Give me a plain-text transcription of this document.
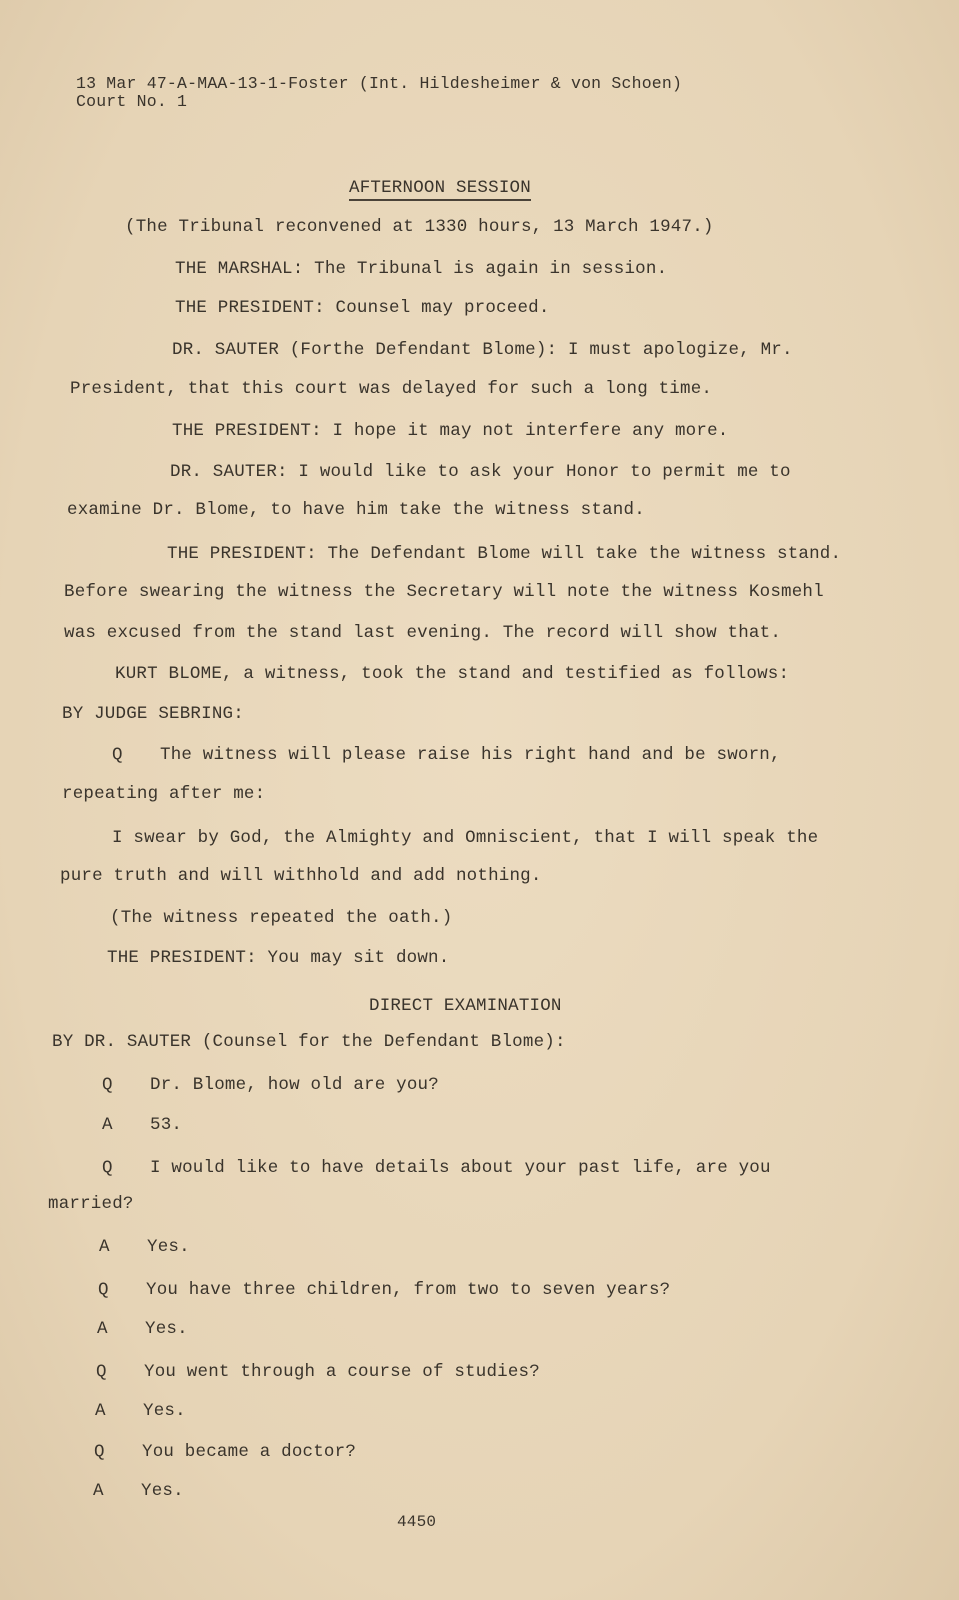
13 Mar 47-A-MAA-13-1-Foster (Int. Hildesheimer & von Schoen)
Court No. 1
AFTERNOON SESSION
(The Tribunal reconvened at 1330 hours, 13 March 1947.)
THE MARSHAL: The Tribunal is again in session.
THE PRESIDENT: Counsel may proceed.
DR. SAUTER (Forthe Defendant Blome): I must apologize, Mr.
President, that this court was delayed for such a long time.
THE PRESIDENT: I hope it may not interfere any more.
DR. SAUTER: I would like to ask your Honor to permit me to
examine Dr. Blome, to have him take the witness stand.
THE PRESIDENT: The Defendant Blome will take the witness stand.
Before swearing the witness the Secretary will note the witness Kosmehl
was excused from the stand last evening. The record will show that.
KURT BLOME, a witness, took the stand and testified as follows:
BY JUDGE SEBRING:
Q The witness will please raise his right hand and be sworn,
repeating after me:
I swear by God, the Almighty and Omniscient, that I will speak the
pure truth and will withhold and add nothing.
(The witness repeated the oath.)
THE PRESIDENT: You may sit down.
DIRECT EXAMINATION
BY DR. SAUTER (Counsel for the Defendant Blome):
Q Dr. Blome, how old are you?
A 53.
Q I would like to have details about your past life, are you
married?
A Yes.
Q You have three children, from two to seven years?
A Yes.
Q You went through a course of studies?
A Yes.
Q You became a doctor?
A Yes.
4450
